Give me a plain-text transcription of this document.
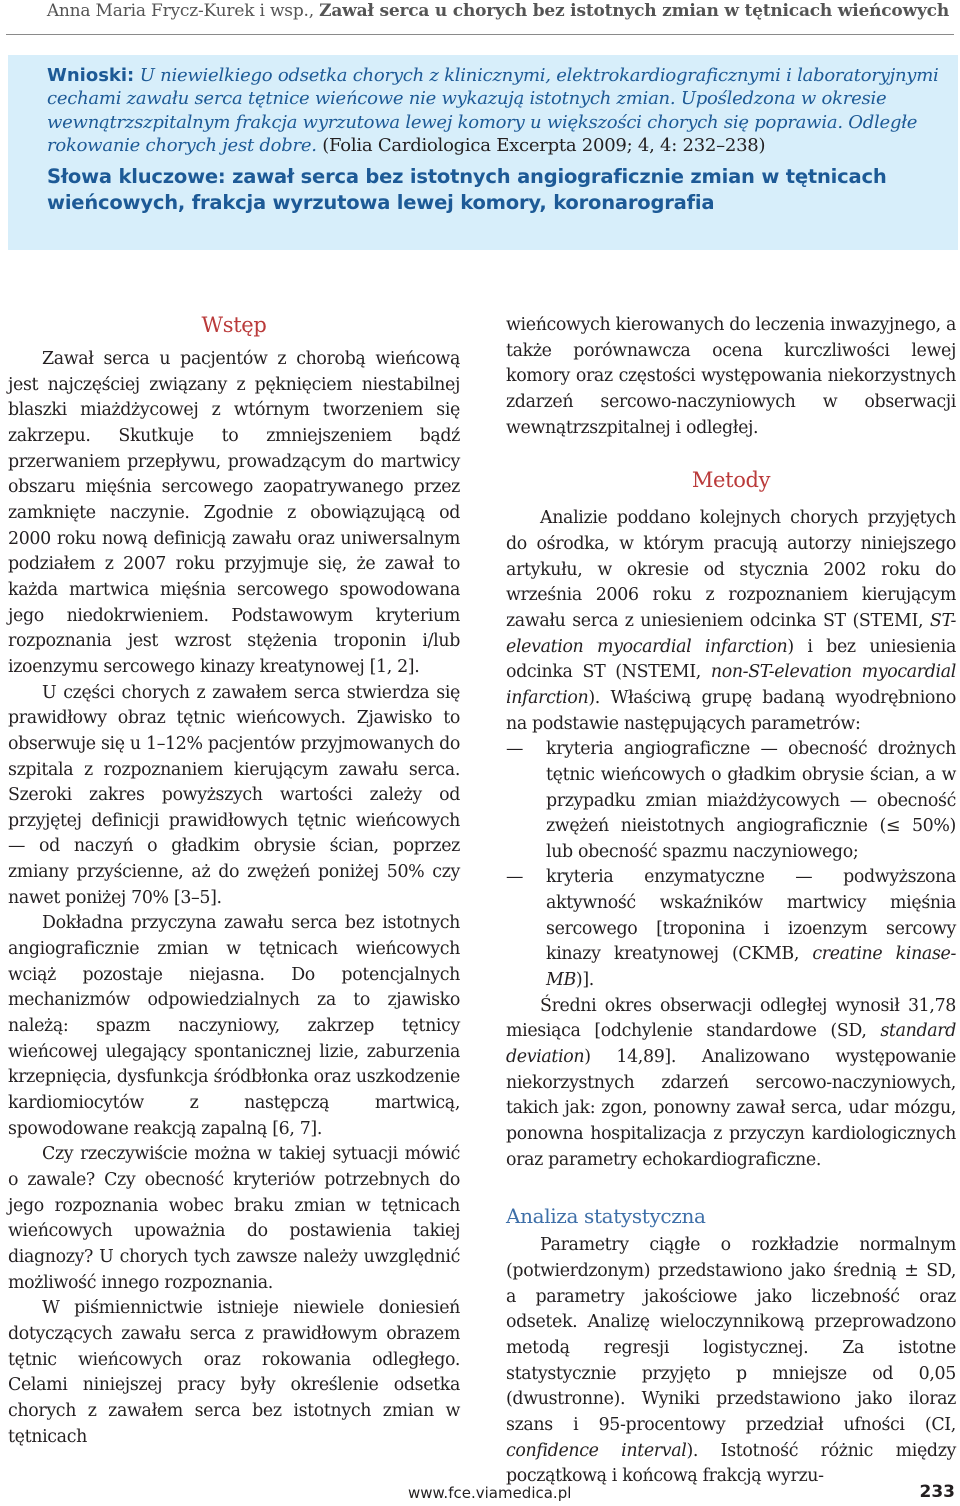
Anna Maria Frycz-Kurek i wsp., Zawał serca u chorych bez istotnych zmian w tętnicach wieńcowych

Wnioski: U niewielkiego odsetka chorych z klinicznymi, elektrokardiograficznymi i laboratoryjnymi cechami zawału serca tętnice wieńcowe nie wykazują istotnych zmian. Upośledzona w okresie wewnątrzszpitalnym frakcja wyrzutowa lewej komory u większości chorych się poprawia. Odległe rokowanie chorych jest dobre. (Folia Cardiologica Excerpta 2009; 4, 4: 232–238)

Słowa kluczowe: zawał serca bez istotnych angiograficznie zmian w tętnicach wieńcowych, frakcja wyrzutowa lewej komory, koronarografia

Wstęp

Zawał serca u pacjentów z chorobą wieńcową jest najczęściej związany z pęknięciem niestabilnej blaszki miażdżycowej z wtórnym tworzeniem się zakrzepu. Skutkuje to zmniejszeniem bądź przerwaniem przepływu, prowadzącym do martwicy obszaru mięśnia sercowego zaopatrywanego przez zamknięte naczynie. Zgodnie z obowiązującą od 2000 roku nową definicją zawału oraz uniwersalnym podziałem z 2007 roku przyjmuje się, że zawał to każda martwica mięśnia sercowego spowodowana jego niedokrwieniem. Podstawowym kryterium rozpoznania jest wzrost stężenia troponin i/lub izoenzymu sercowego kinazy kreatynowej [1, 2].

U części chorych z zawałem serca stwierdza się prawidłowy obraz tętnic wieńcowych. Zjawisko to obserwuje się u 1–12% pacjentów przyjmowanych do szpitala z rozpoznaniem kierującym zawału serca. Szeroki zakres powyższych wartości zależy od przyjętej definicji prawidłowych tętnic wieńcowych — od naczyń o gładkim obrysie ścian, poprzez zmiany przyścienne, aż do zwężeń poniżej 50% czy nawet poniżej 70% [3–5].

Dokładna przyczyna zawału serca bez istotnych angiograficznie zmian w tętnicach wieńcowych wciąż pozostaje niejasna. Do potencjalnych mechanizmów odpowiedzialnych za to zjawisko należą: spazm naczyniowy, zakrzep tętnicy wieńcowej ulegający spontanicznej lizie, zaburzenia krzepnięcia, dysfunkcja śródbłonka oraz uszkodzenie kardiomiocytów z następczą martwicą, spowodowane reakcją zapalną [6, 7].

Czy rzeczywiście można w takiej sytuacji mówić o zawale? Czy obecność kryteriów potrzebnych do jego rozpoznania wobec braku zmian w tętnicach wieńcowych upoważnia do postawienia takiej diagnozy? U chorych tych zawsze należy uwzględnić możliwość innego rozpoznania.

W piśmiennictwie istnieje niewiele doniesień dotyczących zawału serca z prawidłowym obrazem tętnic wieńcowych oraz rokowania odległego. Celami niniejszej pracy były określenie odsetka chorych z zawałem serca bez istotnych zmian w tętnicach

wieńcowych kierowanych do leczenia inwazyjnego, a także porównawcza ocena kurczliwości lewej komory oraz częstości występowania niekorzystnych zdarzeń sercowo-naczyniowych w obserwacji wewnątrzszpitalnej i odległej.

Metody

Analizie poddano kolejnych chorych przyjętych do ośrodka, w którym pracują autorzy niniejszego artykułu, w okresie od stycznia 2002 roku do września 2006 roku z rozpoznaniem kierującym zawału serca z uniesieniem odcinka ST (STEMI, ST-elevation myocardial infarction) i bez uniesienia odcinka ST (NSTEMI, non-ST-elevation myocardial infarction). Właściwą grupę badaną wyodrębniono na podstawie następujących parametrów:

— kryteria angiograficzne — obecność drożnych tętnic wieńcowych o gładkim obrysie ścian, a w przypadku zmian miażdżycowych — obecność zwężeń nieistotnych angiograficznie (≤ 50%) lub obecność spazmu naczyniowego;
— kryteria enzymatyczne — podwyższona aktywność wskaźników martwicy mięśnia sercowego [troponina i izoenzym sercowy kinazy kreatynowej (CKMB, creatine kinase-MB)].

Średni okres obserwacji odległej wynosił 31,78 miesiąca [odchylenie standardowe (SD, standard deviation) 14,89]. Analizowano występowanie niekorzystnych zdarzeń sercowo-naczyniowych, takich jak: zgon, ponowny zawał serca, udar mózgu, ponowna hospitalizacja z przyczyn kardiologicznych oraz parametry echokardiograficzne.

Analiza statystyczna

Parametry ciągłe o rozkładzie normalnym (potwierdzonym) przedstawiono jako średnią ± SD, a parametry jakościowe jako liczebność oraz odsetek. Analizę wieloczynnikową przeprowadzono metodą regresji logistycznej. Za istotne statystycznie przyjęto p mniejsze od 0,05 (dwustronne). Wyniki przedstawiono jako iloraz szans i 95-procentowy przedział ufności (CI, confidence interval). Istotność różnic między początkową i końcową frakcją wyrzu-

www.fce.viamedica.pl	233
